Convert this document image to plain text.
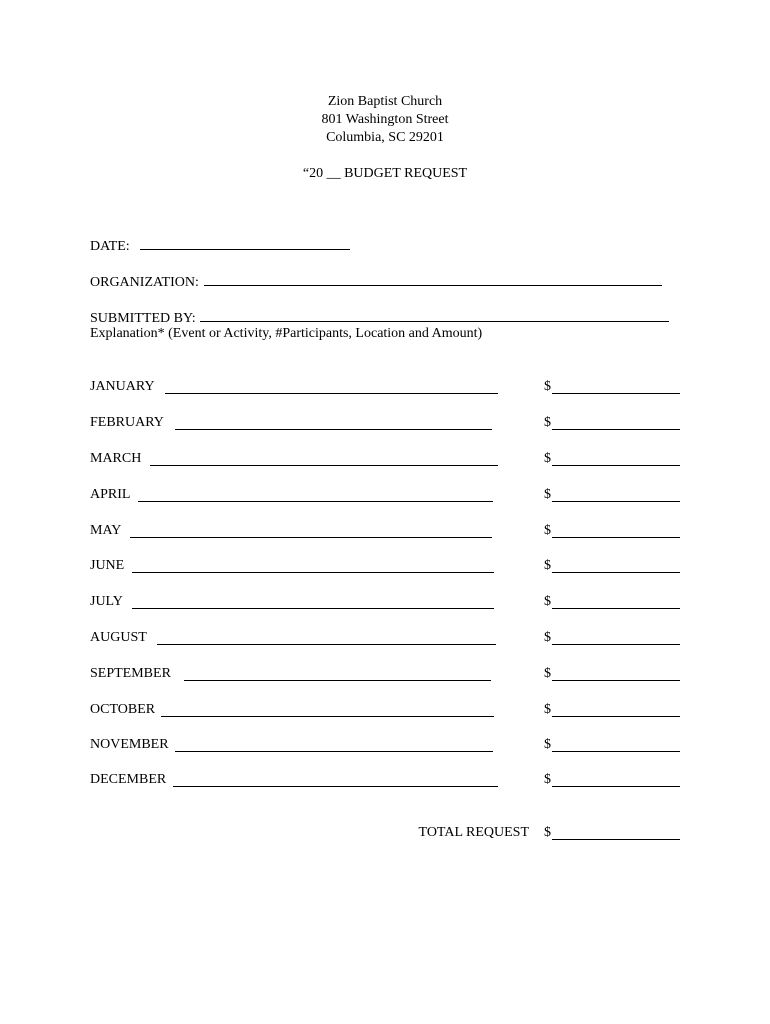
Zion Baptist Church
801 Washington Street
Columbia, SC 29201
“20 __ BUDGET REQUEST
DATE:
ORGANIZATION:
SUBMITTED BY:
Explanation* (Event or Activity, #Participants, Location and Amount)
JANUARY	$
FEBRUARY	$
MARCH	$
APRIL	$
MAY	$
JUNE	$
JULY	$
AUGUST	$
SEPTEMBER	$
OCTOBER	$
NOVEMBER	$
DECEMBER	$
TOTAL REQUEST $
